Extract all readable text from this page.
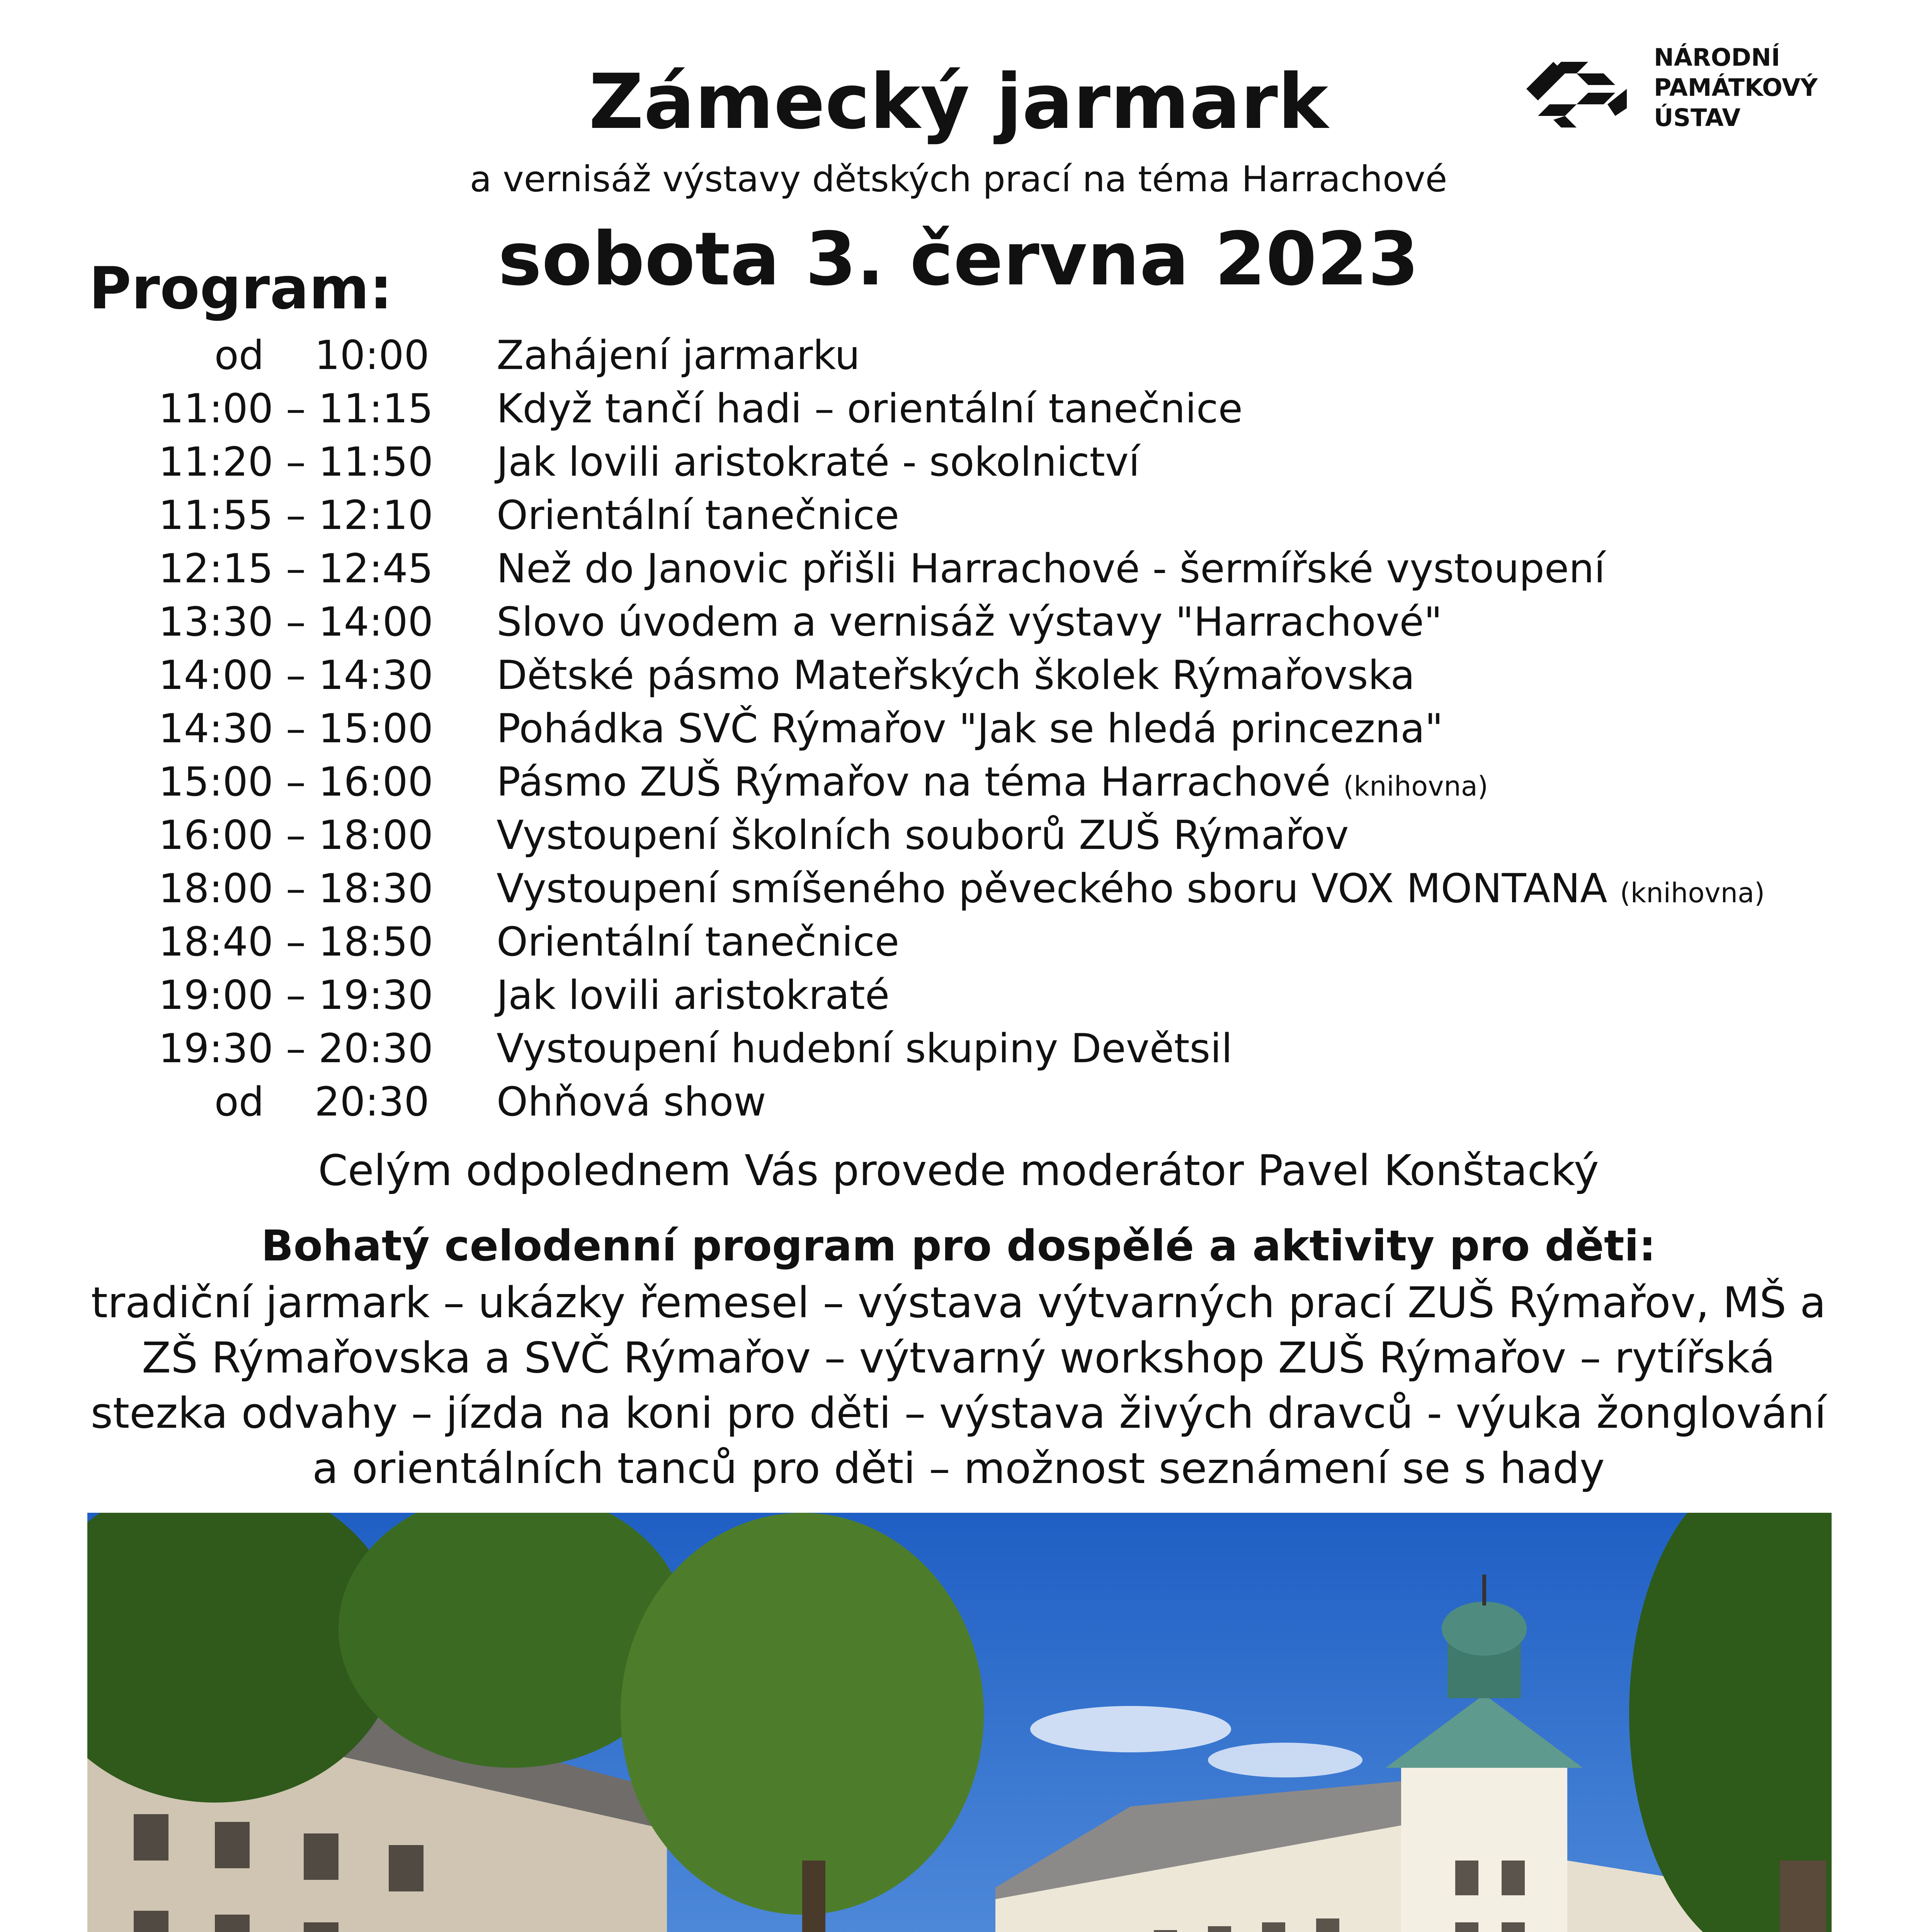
Zámecký jarmark
a vernisáž výstavy dětských prací na téma Harrachové
sobota 3. června 2023
Program:
NÁRODNÍ
PAMÁTKOVÝ
ÚSTAV
od    10:00 Zahájení jarmarku
11:00 – 11:15 Když tančí hadi – orientální tanečnice
11:20 – 11:50 Jak lovili aristokraté - sokolnictví
11:55 – 12:10 Orientální tanečnice
12:15 – 12:45 Než do Janovic přišli Harrachové - šermířské vystoupení
13:30 – 14:00 Slovo úvodem a vernisáž výstavy "Harrachové"
14:00 – 14:30 Dětské pásmo Mateřských školek Rýmařovska
14:30 – 15:00 Pohádka SVČ Rýmařov "Jak se hledá princezna"
15:00 – 16:00 Pásmo ZUŠ Rýmařov na téma Harrachové (knihovna)
16:00 – 18:00 Vystoupení školních souborů ZUŠ Rýmařov
18:00 – 18:30 Vystoupení smíšeného pěveckého sboru VOX MONTANA (knihovna)
18:40 – 18:50 Orientální tanečnice
19:00 – 19:30 Jak lovili aristokraté
19:30 – 20:30 Vystoupení hudební skupiny Devětsil
od    20:30 Ohňová show
Celým odpolednem Vás provede moderátor Pavel Konštacký
Bohatý celodenní program pro dospělé a aktivity pro děti:
tradiční jarmark – ukázky řemesel – výstava výtvarných prací ZUŠ Rýmařov, MŠ a ZŠ Rýmařovska a SVČ Rýmařov – výtvarný workshop ZUŠ Rýmařov – rytířská stezka odvahy – jízda na koni pro děti – výstava živých dravců - výuka žonglování a orientálních tanců pro děti – možnost seznámení se s hady
